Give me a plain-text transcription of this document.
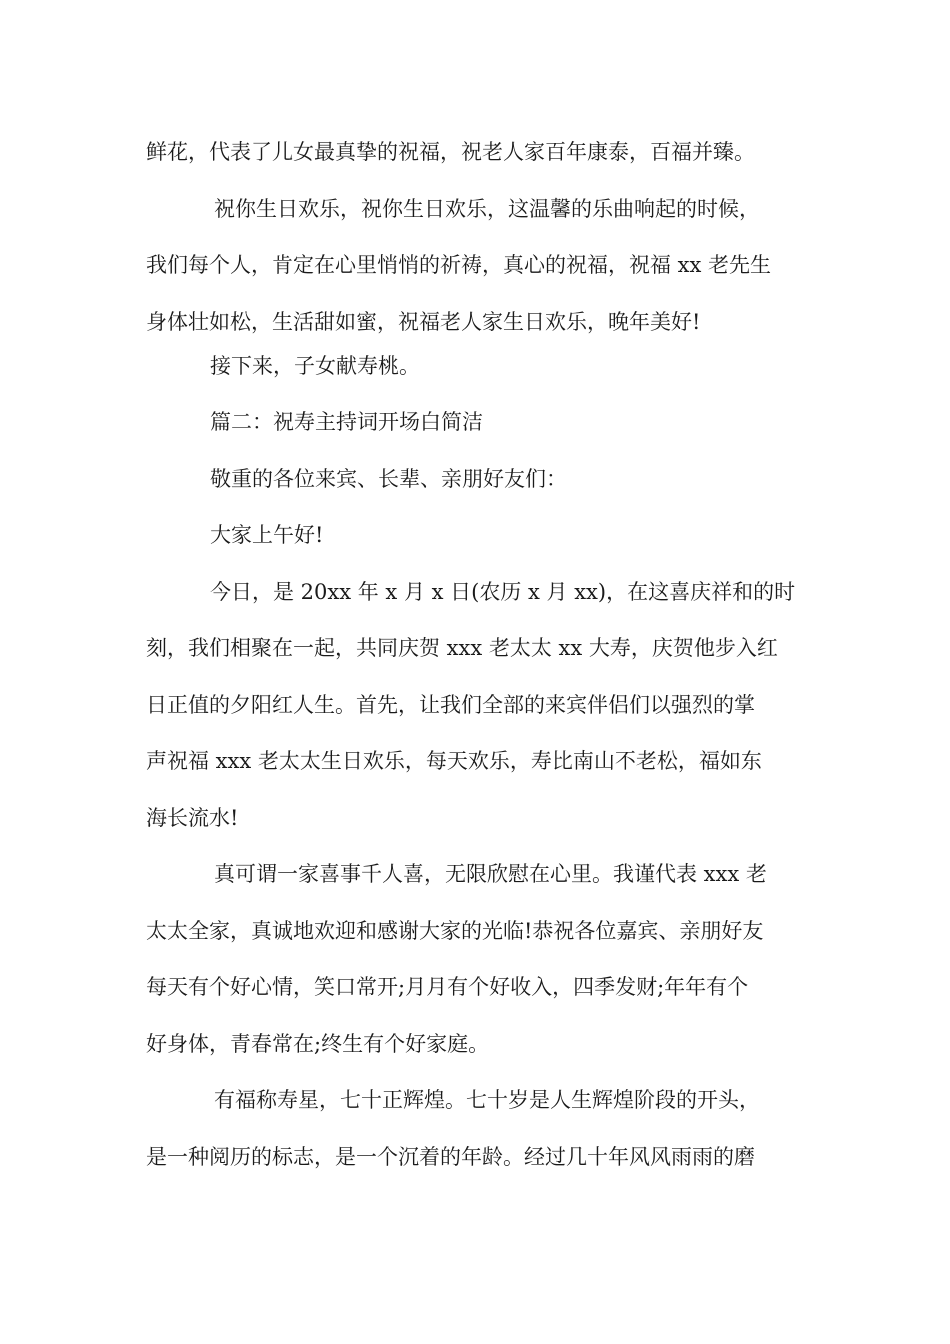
鲜花，代表了儿女最真挚的祝福，祝老人家百年康泰，百福并臻。
祝你生日欢乐，祝你生日欢乐，这温馨的乐曲响起的时候，
我们每个人，肯定在心里悄悄的祈祷，真心的祝福，祝福 xx 老先生
身体壮如松，生活甜如蜜，祝福老人家生日欢乐，晚年美好!
接下来，子女献寿桃。
篇二：祝寿主持词开场白简洁
敬重的各位来宾、长辈、亲朋好友们：
大家上午好!
今日，是 20xx 年 x 月 x 日(农历 x 月 xx)，在这喜庆祥和的时
刻，我们相聚在一起，共同庆贺 xxx 老太太 xx 大寿，庆贺他步入红
日正值的夕阳红人生。首先，让我们全部的来宾伴侣们以强烈的掌
声祝福 xxx 老太太生日欢乐，每天欢乐，寿比南山不老松，福如东
海长流水!
真可谓一家喜事千人喜，无限欣慰在心里。我谨代表 xxx 老
太太全家，真诚地欢迎和感谢大家的光临!恭祝各位嘉宾、亲朋好友
每天有个好心情，笑口常开;月月有个好收入，四季发财;年年有个
好身体，青春常在;终生有个好家庭。
有福称寿星，七十正辉煌。七十岁是人生辉煌阶段的开头，
是一种阅历的标志，是一个沉着的年龄。经过几十年风风雨雨的磨
